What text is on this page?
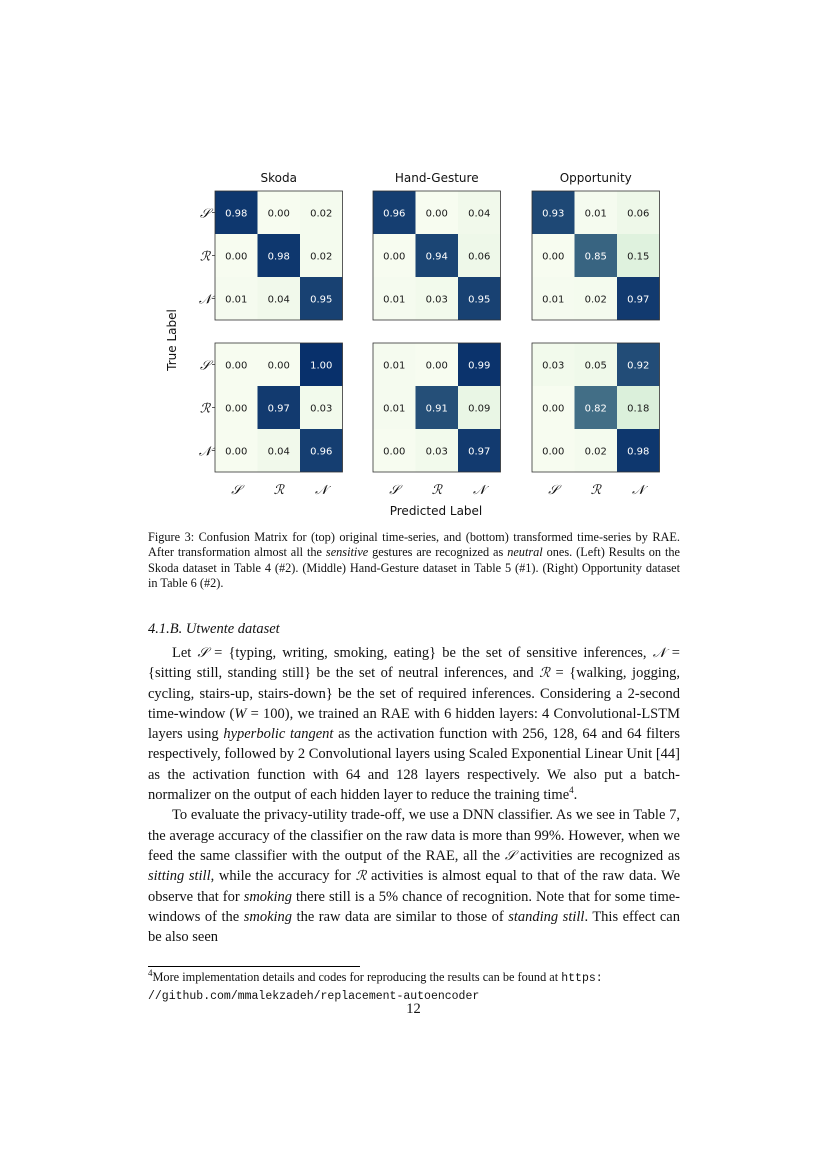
0.98 0.00 0.02
0.00 0.98 0.02
0.01 0.04 0.95
0.96 0.00 0.04
0.00 0.94 0.06
0.01 0.03 0.95
0.93 0.01 0.06
0.00 0.85 0.15
0.01 0.02 0.97
0.00 0.00 1.00
0.00 0.97 0.03
0.00 0.04 0.96
0.01 0.00 0.99
0.01 0.91 0.09
0.00 0.03 0.97
0.03 0.05 0.92
0.00 0.82 0.18
0.00 0.02 0.98
Skoda	Hand-Gesture	Opportunity
𝒮
ℛ
𝒩
𝒮
ℛ
𝒩
𝒮	ℛ 𝒩	𝒮	ℛ 𝒩	𝒮	ℛ 𝒩
True Label
Predicted Label
Figure 3: Confusion Matrix for (top) original time-series, and (bottom) transformed time-series by RAE. After transformation almost all the sensitive gestures are recognized as neutral ones. (Left) Results on the Skoda dataset in Table 4 (#2). (Middle) Hand-Gesture dataset in Table 5 (#1). (Right) Opportunity dataset in Table 6 (#2).
4.1.B. Utwente dataset

Let 𝒮 = {typing, writing, smoking, eating} be the set of sensitive inferences, 𝒩 = {sitting still, standing still} be the set of neutral inferences, and ℛ = {walking, jogging, cycling, stairs-up, stairs-down} be the set of required inferences. Considering a 2-second time-window (W = 100), we trained an RAE with 6 hidden layers: 4 Convolutional-LSTM layers using hyperbolic tangent as the activation function with 256, 128, 64 and 64 filters respectively, followed by 2 Convolutional layers using Scaled Exponential Linear Unit [44] as the activation function with 64 and 128 layers respectively. We also put a batch-normalizer on the output of each hidden layer to reduce the training time$^4$.

To evaluate the privacy-utility trade-off, we use a DNN classifier. As we see in Table 7, the average accuracy of the classifier on the raw data is more than 99%. However, when we feed the same classifier with the output of the RAE, all the 𝒮 activities are recognized as sitting still, while the accuracy for ℛ activities is almost equal to that of the raw data. We observe that for smoking there still is a 5% chance of recognition. Note that for some time-windows of the smoking the raw data are similar to those of standing still. This effect can be also seen

$^4$More implementation details and codes for reproducing the results can be found at https:
//github.com/mmalekzadeh/replacement-autoencoder
12
